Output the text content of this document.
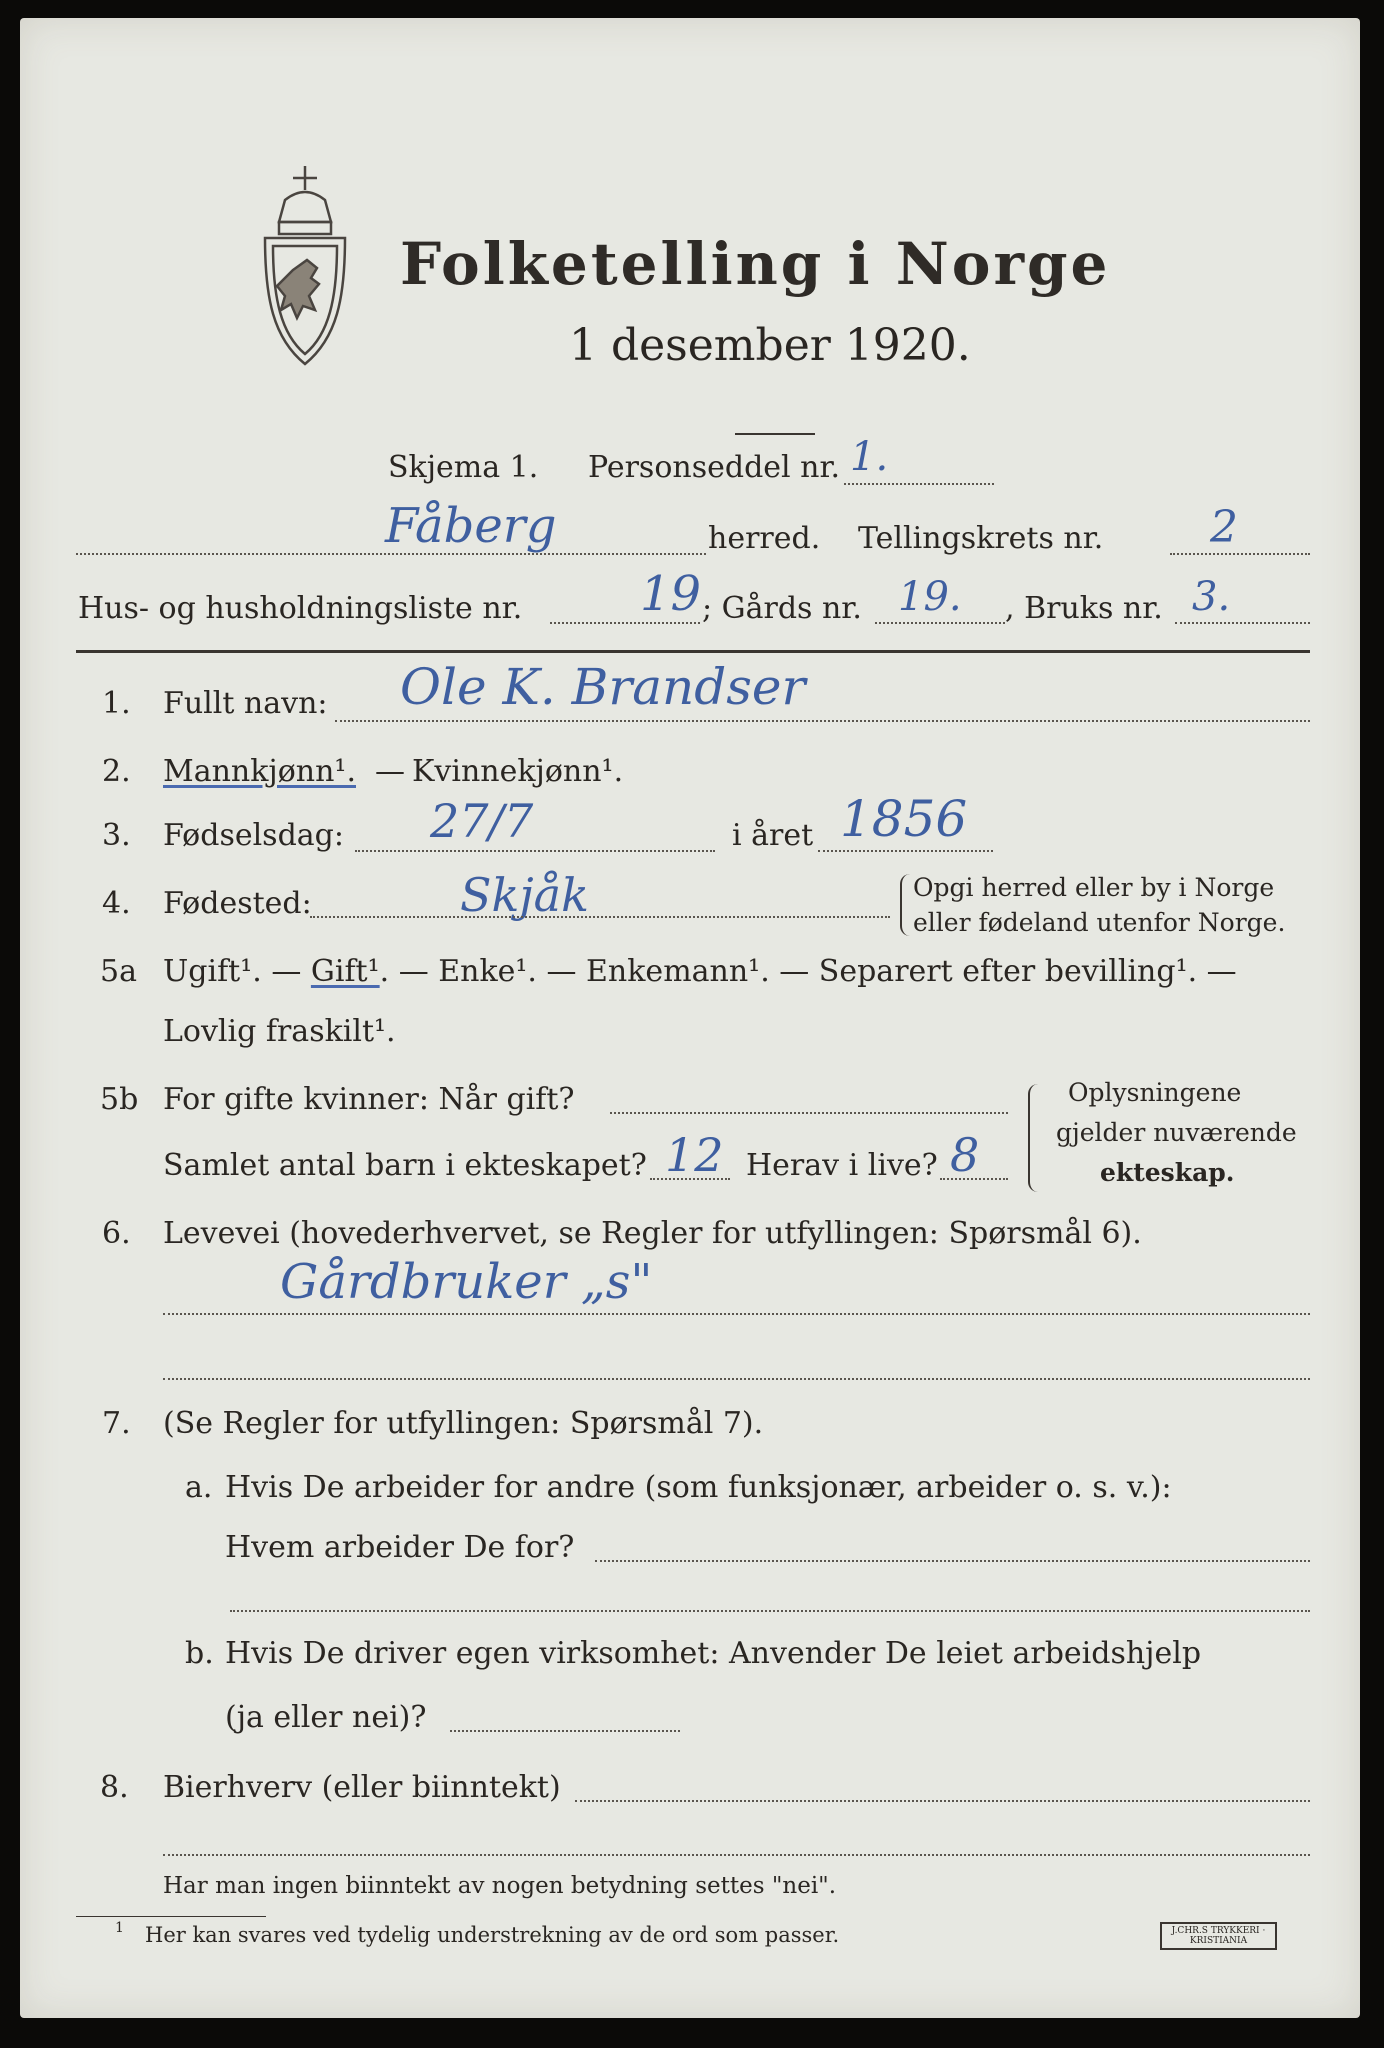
Folketelling i Norge
1 desember 1920.
Skjema 1. Personseddel nr. 1.
Fåberg	herred. Tellingskrets nr. 2
Hus- og husholdningsliste nr. 19 ; Gårds nr. 19. , Bruks nr. 3.
1. Fullt navn: Ole K. Brandser
2. Mannkjønn¹. — Kvinnekjønn¹.
3. Fødselsdag: 27/7	i året 1856
4. Fødested:	Skjåk	Opgi herred eller by i Norge
eller fødeland utenfor Norge.
5a Ugift¹. — Gift¹. — Enke¹. — Enkemann¹. — Separert efter bevilling¹. —
Lovlig fraskilt¹.
5b For gifte kvinner: Når gift?
Samlet antal barn i ekteskapet? 12 Herav i live? 8
Oplysningene
gjelder nuværende
ekteskap.
6. Levevei (hovederhvervet, se Regler for utfyllingen: Spørsmål 6).
Gårdbruker „s"
7. (Se Regler for utfyllingen: Spørsmål 7).
a. Hvis De arbeider for andre (som funksjonær, arbeider o. s. v.):
Hvem arbeider De for?
b. Hvis De driver egen virksomhet: Anvender De leiet arbeidshjelp
(ja eller nei)?
8. Bierhverv (eller biinntekt)
Har man ingen biinntekt av nogen betydning settes "nei".
1 Her kan svares ved tydelig understrekning av de ord som passer.	J.CHR.S TRYKKERI · KRISTIANIA
